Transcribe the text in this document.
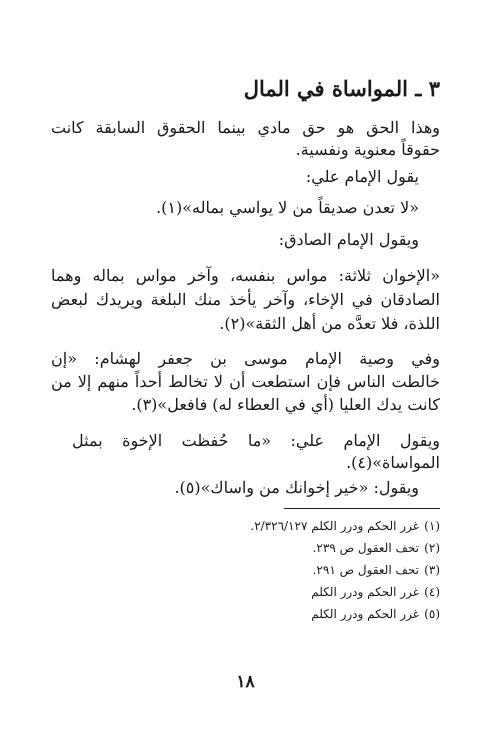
٣ ـ المواساة في المال
وهذا الحق هو حق مادي بينما الحقوق السابقة كانت
حقوقاً معنوية ونفسية.
يقول الإمام علي:
«لا تعدن صديقاً من لا يواسي بماله»(١).
ويقول الإمام الصادق:
«الإخوان ثلاثة: مواس بنفسه، وآخر مواس بماله وهما
الصادقان في الإخاء، وآخر يأخذ منك البلغة ويريدك لبعض
اللذة، فلا تعدَّه من أهل الثقة»(٢).
وفي وصية الإمام موسى بن جعفر لهشام: «إن
خالطت الناس فإن استطعت أن لا تخالط أحداً منهم إلا من
كانت يدك العليا (أي في العطاء له) فافعل»(٣).
ويقول الإمام علي: «ما حُفظت الإخوة بمثل
المواساة»(٤).
ويقول: «خير إخوانك من واساك»(٥).
(١)
غرر الحكم ودرر الكلم ٢/٣٢٦/١٢٧.
(٢)
تحف العقول ص ٢٣٩.
(٣)
تحف العقول ص ٢٩١.
(٤)
غرر الحكم ودرر الكلم
(٥)
غرر الحكم ودرر الكلم
١٨
